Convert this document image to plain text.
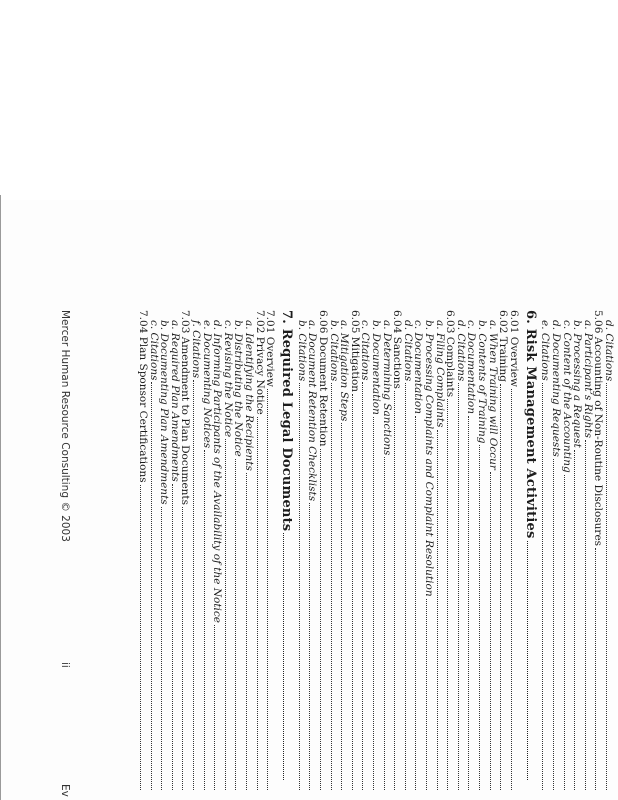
d. Citations
5.06 Accounting of Non-Routine Disclosures
a. Participant’s Rights
b. Processing a Request
c. Content of the Accounting
d. Documenting Requests
e. Citations
6. Risk Management Activities
6.01 Overview
6.02 Training
a. When Training will Occur
b. Contents of Training
c. Documentation
d. Citations
6.03 Complaints
a. Filing Complaints
b. Processing Complaints and Complaint Resolution
c. Documentation
d. Citations
6.04 Sanctions
a. Determining Sanctions
b. Documentation
c. Citations
6.05 Mitigation
a. Mitigation Steps
b. Citations
6.06 Document Retention
a. Document Retention Checklists
b. Citations
7. Required Legal Documents
7.01 Overview
7.02 Privacy Notice
a. Identifying the Recipients
b. Distributing the Notice
c. Revising the Notice
d. Informing Participants of the Availability of the Notice
e. Documenting Notices
f. Citations
7.03 Amendment to Plan Documents
a. Required Plan Amendments
b. Documenting Plan Amendments
c. Citations
7.04 Plan Sponsor Certifications
Mercer Human Resource Consulting © 2003
ii
Ev
